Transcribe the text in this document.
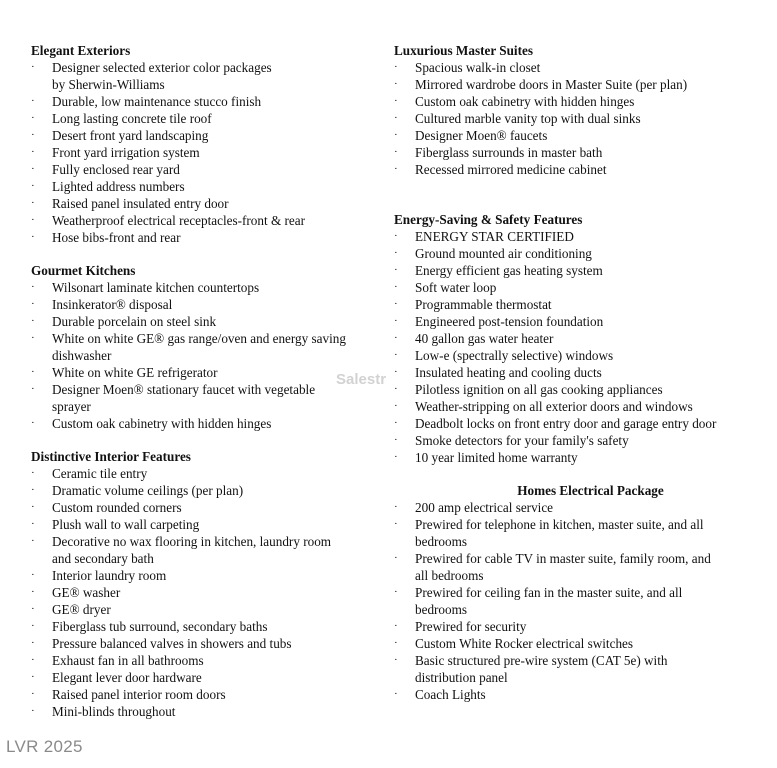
Elegant Exteriors
·	Designer selected exterior color packages
by Sherwin-Williams
·	Durable, low maintenance stucco finish
·	Long lasting concrete tile roof
·	Desert front yard landscaping
·	Front yard irrigation system
·	Fully enclosed rear yard
·	Lighted address numbers
·	Raised panel insulated entry door
·	Weatherproof electrical receptacles-front & rear
·	Hose bibs-front and rear
Gourmet Kitchens
·	Wilsonart laminate kitchen countertops
·	Insinkerator® disposal
·	Durable porcelain on steel sink
·	White on white GE® gas range/oven and energy saving
dishwasher
·	White on white GE refrigerator
·	Designer Moen® stationary faucet with vegetable
sprayer
·	Custom oak cabinetry with hidden hinges
Distinctive Interior Features
·	Ceramic tile entry
·	Dramatic volume ceilings (per plan)
·	Custom rounded corners
·	Plush wall to wall carpeting
·	Decorative no wax flooring in kitchen, laundry room
and secondary bath
·	Interior laundry room
·	GE® washer
·	GE® dryer
·	Fiberglass tub surround, secondary baths
·	Pressure balanced valves in showers and tubs
·	Exhaust fan in all bathrooms
·	Elegant lever door hardware
·	Raised panel interior room doors
·	Mini-blinds throughout
Luxurious Master Suites
·	Spacious walk-in closet
·	Mirrored wardrobe doors in Master Suite (per plan)
·	Custom oak cabinetry with hidden hinges
·	Cultured marble vanity top with dual sinks
·	Designer Moen® faucets
·	Fiberglass surrounds in master bath
·	Recessed mirrored medicine cabinet
Energy-Saving & Safety Features
·	ENERGY STAR CERTIFIED
·	Ground mounted air conditioning
·	Energy efficient gas heating system
·	Soft water loop
·	Programmable thermostat
·	Engineered post-tension foundation
·	40 gallon gas water heater
·	Low-e (spectrally selective) windows
·	Insulated heating and cooling ducts
·	Pilotless ignition on all gas cooking appliances
·	Weather-stripping on all exterior doors and windows
·	Deadbolt locks on front entry door and garage entry door
·	Smoke detectors for your family's safety
·	10 year limited home warranty
Homes Electrical Package
·	200 amp electrical service
·	Prewired for telephone in kitchen, master suite, and all
bedrooms
·	Prewired for cable TV in master suite, family room, and
all bedrooms
·	Prewired for ceiling fan in the master suite, and all
bedrooms
·	Prewired for security
·	Custom White Rocker electrical switches
·	Basic structured pre-wire system (CAT 5e) with
distribution panel
·	Coach Lights
Salestr
LVR 2025
